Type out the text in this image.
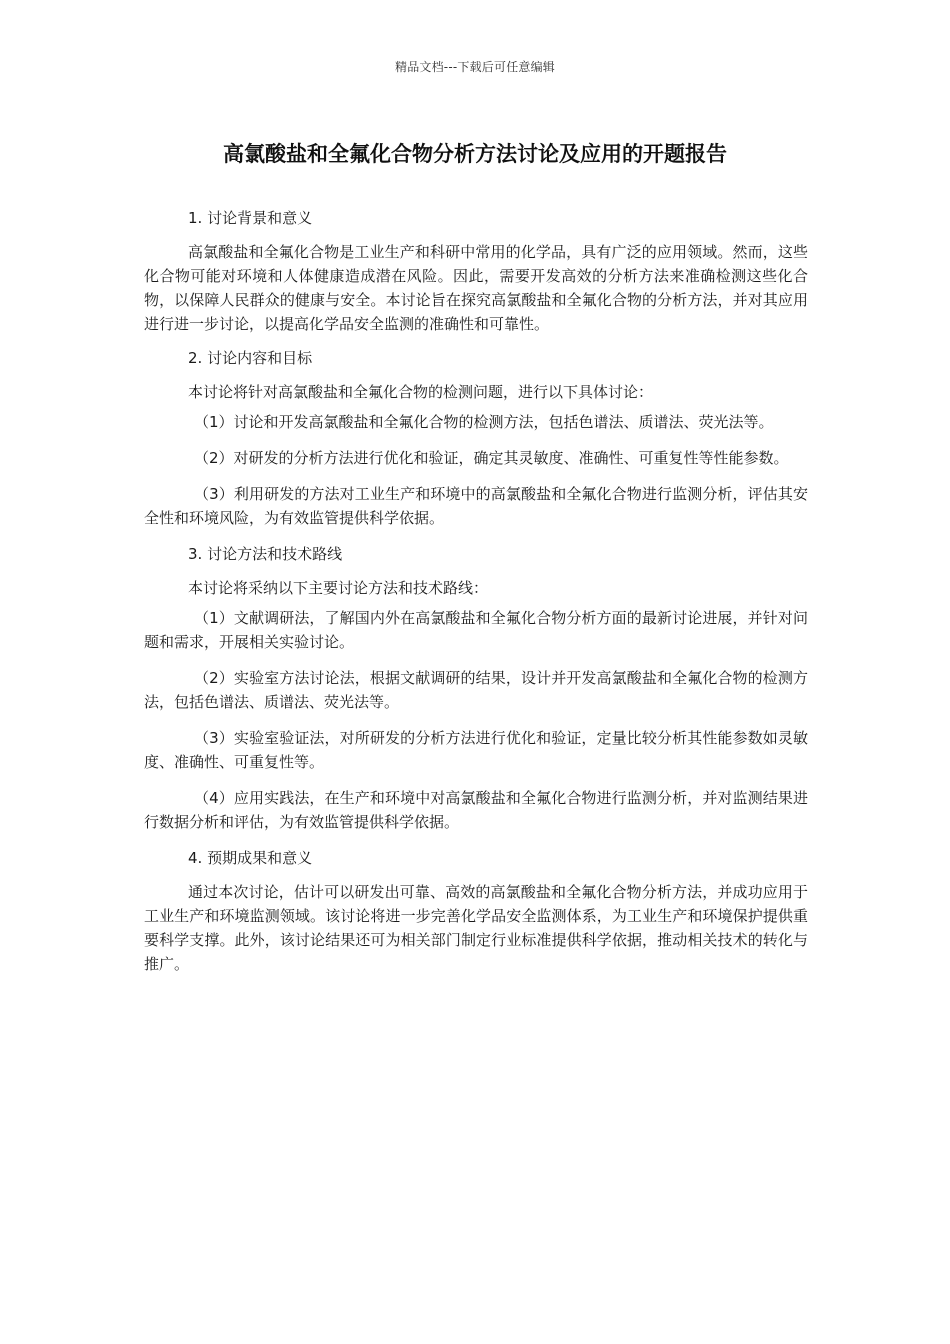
精品文档---下载后可任意编辑
高氯酸盐和全氟化合物分析方法讨论及应用的开题报告

1. 讨论背景和意义

高氯酸盐和全氟化合物是工业生产和科研中常用的化学品，具有广泛的应用领域。然而，这些化合物可能对环境和人体健康造成潜在风险。因此，需要开发高效的分析方法来准确检测这些化合物，以保障人民群众的健康与安全。本讨论旨在探究高氯酸盐和全氟化合物的分析方法，并对其应用进行进一步讨论，以提高化学品安全监测的准确性和可靠性。

2. 讨论内容和目标

本讨论将针对高氯酸盐和全氟化合物的检测问题，进行以下具体讨论：

（1）讨论和开发高氯酸盐和全氟化合物的检测方法，包括色谱法、质谱法、荧光法等。

（2）对研发的分析方法进行优化和验证，确定其灵敏度、准确性、可重复性等性能参数。

（3）利用研发的方法对工业生产和环境中的高氯酸盐和全氟化合物进行监测分析，评估其安全性和环境风险，为有效监管提供科学依据。

3. 讨论方法和技术路线

本讨论将采纳以下主要讨论方法和技术路线：

（1）文献调研法，了解国内外在高氯酸盐和全氟化合物分析方面的最新讨论进展，并针对问题和需求，开展相关实验讨论。

（2）实验室方法讨论法，根据文献调研的结果，设计并开发高氯酸盐和全氟化合物的检测方法，包括色谱法、质谱法、荧光法等。

（3）实验室验证法，对所研发的分析方法进行优化和验证，定量比较分析其性能参数如灵敏度、准确性、可重复性等。

（4）应用实践法，在生产和环境中对高氯酸盐和全氟化合物进行监测分析，并对监测结果进行数据分析和评估，为有效监管提供科学依据。

4. 预期成果和意义

通过本次讨论，估计可以研发出可靠、高效的高氯酸盐和全氟化合物分析方法，并成功应用于工业生产和环境监测领域。该讨论将进一步完善化学品安全监测体系，为工业生产和环境保护提供重要科学支撑。此外，该讨论结果还可为相关部门制定行业标准提供科学依据，推动相关技术的转化与推广。
